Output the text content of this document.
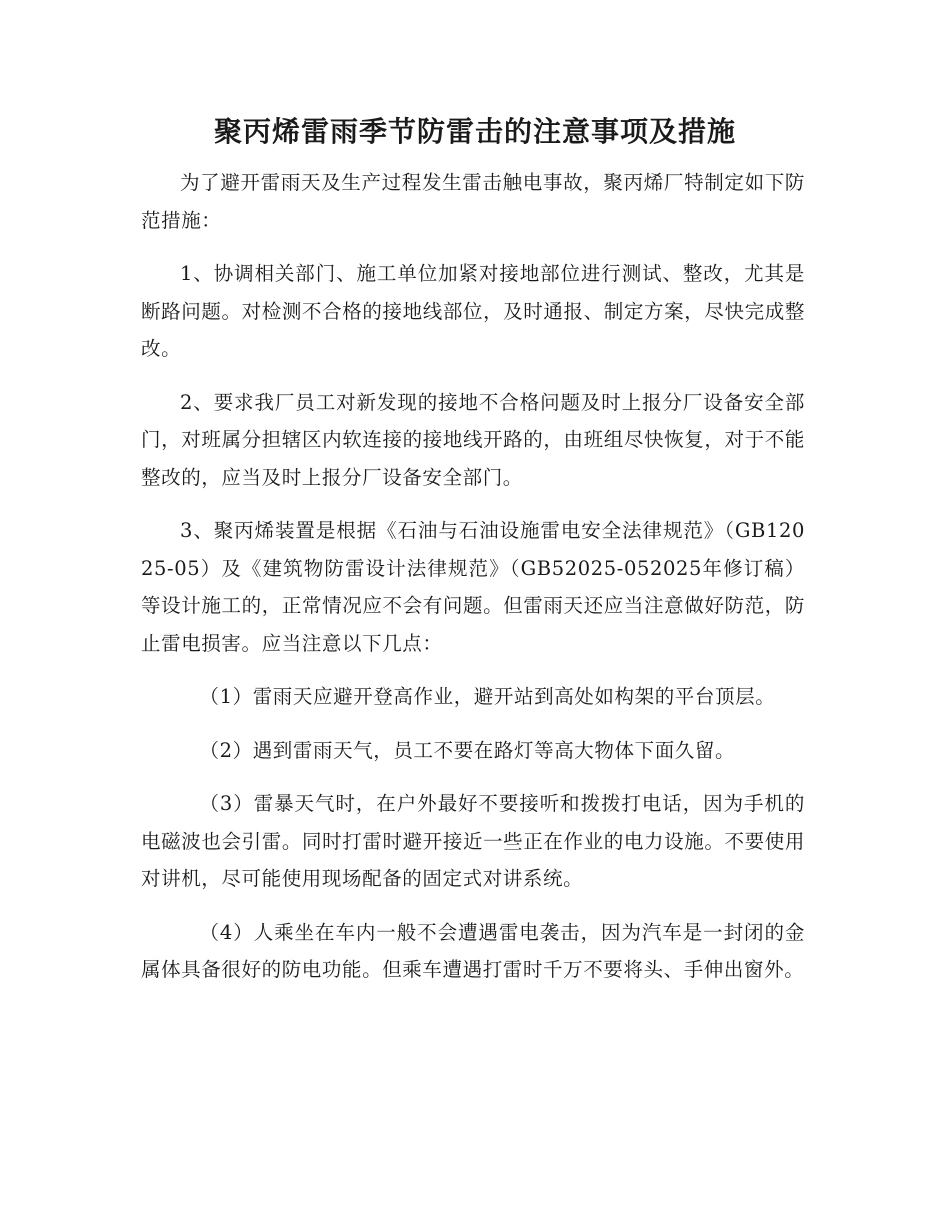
聚丙烯雷雨季节防雷击的注意事项及措施

为了避开雷雨天及生产过程发生雷击触电事故，聚丙烯厂特制定如下防范措施：

1、协调相关部门、施工单位加紧对接地部位进行测试、整改，尤其是断路问题。对检测不合格的接地线部位，及时通报、制定方案，尽快完成整改。

2、要求我厂员工对新发现的接地不合格问题及时上报分厂设备安全部门，对班属分担辖区内软连接的接地线开路的，由班组尽快恢复，对于不能整改的，应当及时上报分厂设备安全部门。

3、聚丙烯装置是根据《石油与石油设施雷电安全法律规范》（GB12025-05）及《建筑物防雷设计法律规范》（GB52025-052025年修订稿）等设计施工的，正常情况应不会有问题。但雷雨天还应当注意做好防范，防止雷电损害。应当注意以下几点：

（1）雷雨天应避开登高作业，避开站到高处如构架的平台顶层。

（2）遇到雷雨天气，员工不要在路灯等高大物体下面久留。

（3）雷暴天气时，在户外最好不要接听和拨拨打电话，因为手机的电磁波也会引雷。同时打雷时避开接近一些正在作业的电力设施。不要使用对讲机，尽可能使用现场配备的固定式对讲系统。

（4）人乘坐在车内一般不会遭遇雷电袭击，因为汽车是一封闭的金属体具备很好的防电功能。但乘车遭遇打雷时千万不要将头、手伸出窗外。
